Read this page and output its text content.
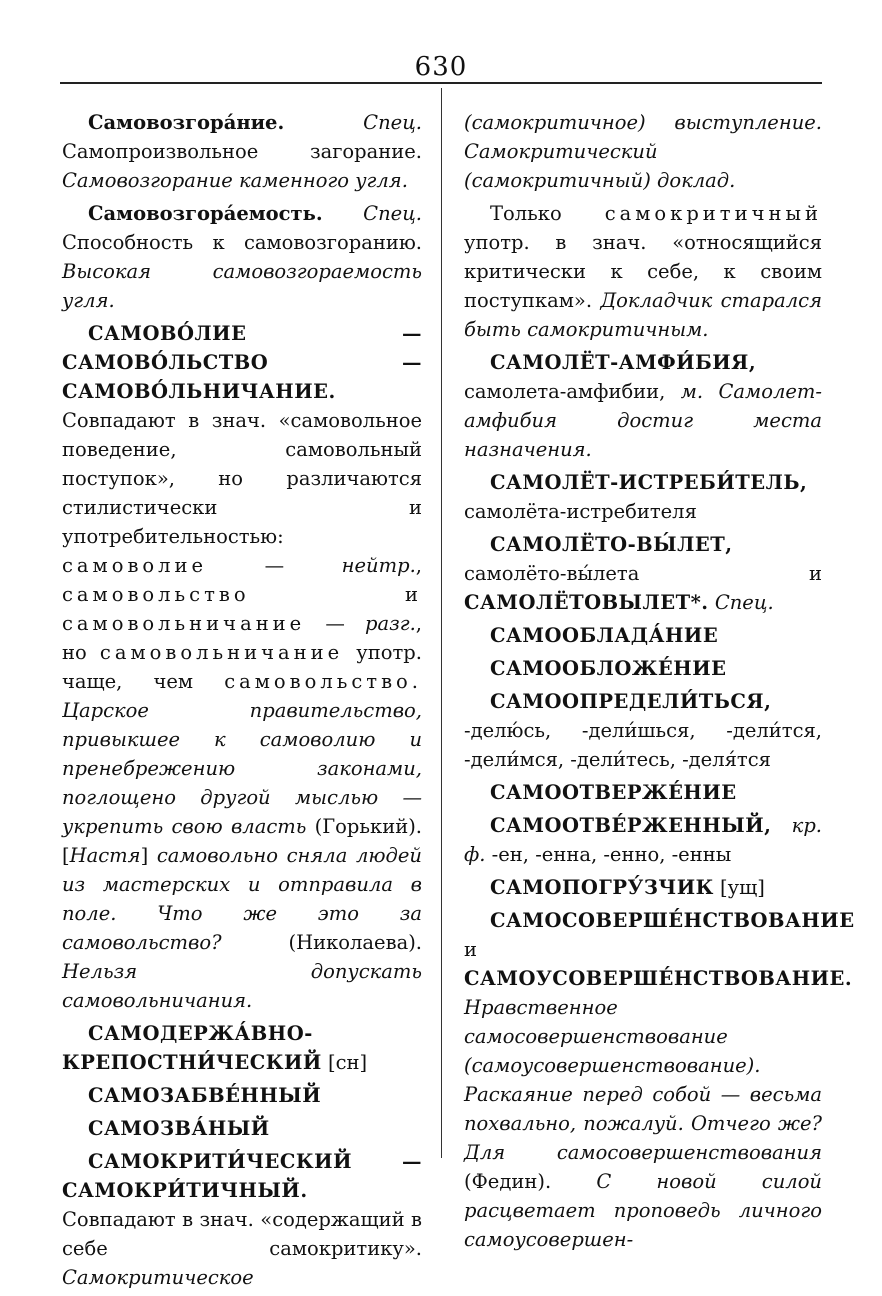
630

Самовозгора́ние.	Спец. Самопроизвольное загорание. Самовозгорание каменного угля.

Самовозгора́емость. Спец. Способность к самовозгоранию. Высокая самовозгораемость угля.

САМОВО́ЛИЕ — САМОВО́ЛЬСТВО — САМОВО́ЛЬНИЧАНИЕ. Совпадают в знач. «самовольное поведение, самовольный поступок», но различаются стилистически и употребительностью: самоволие — нейтр., самовольство и самовольничание — разг., но самовольничание употр. чаще, чем самовольство. Царское правительство, привыкшее к самоволию и пренебрежению законами, поглощено другой мыслью — укрепить свою власть (Горький). [Настя] самовольно сняла людей из мастерских и отправила в поле. Что же это за самовольство? (Николаева). Нельзя допускать самовольничания.

САМОДЕРЖА́ВНО-КРЕПОСТНИ́ЧЕСКИЙ [сн]

САМОЗАБВЕ́ННЫЙ

САМОЗВА́НЫЙ

САМОКРИТИ́ЧЕСКИЙ — САМОКРИ́ТИЧНЫЙ. Совпадают в знач. «содержащий в себе самокритику». Самокритическое

(самокритичное) выступление. Самокритический (самокритичный) доклад.

Только самокритичный употр. в знач. «относящийся критически к себе, к своим поступкам». Докладчик старался быть самокритичным.

САМОЛЁТ-АМФИ́БИЯ, самолета-амфибии, м. Самолет-амфибия достиг места назначения.

САМОЛЁТ-ИСТРЕБИ́ТЕЛЬ, самолёта-истребителя

САМОЛЁТО-ВЫ́ЛЕТ, самолёто-вы́лета и САМОЛЁТОВЫЛЕТ*. Спец.

САМООБЛАДА́НИЕ

САМООБЛОЖЕ́НИЕ

САМООПРЕДЕЛИ́ТЬСЯ, -делю́сь, -дели́шься, -дели́тся, -дели́мся, -дели́тесь, -деля́тся

САМООТВЕРЖЕ́НИЕ

САМООТВЕ́РЖЕННЫЙ, кр. ф. -ен, -енна, -енно, -енны

САМОПОГРУ́ЗЧИК [ущ]

САМОСОВЕРШЕ́НСТВОВАНИЕ и САМОУСОВЕРШЕ́НСТВОВАНИЕ. Нравственное самосовершенствование (самоусовершенствование). Раскаяние перед собой — весьма похвально, пожалуй. Отчего же? Для самосовершенствования (Федин). С новой силой расцветает проповедь личного самоусовершен-
